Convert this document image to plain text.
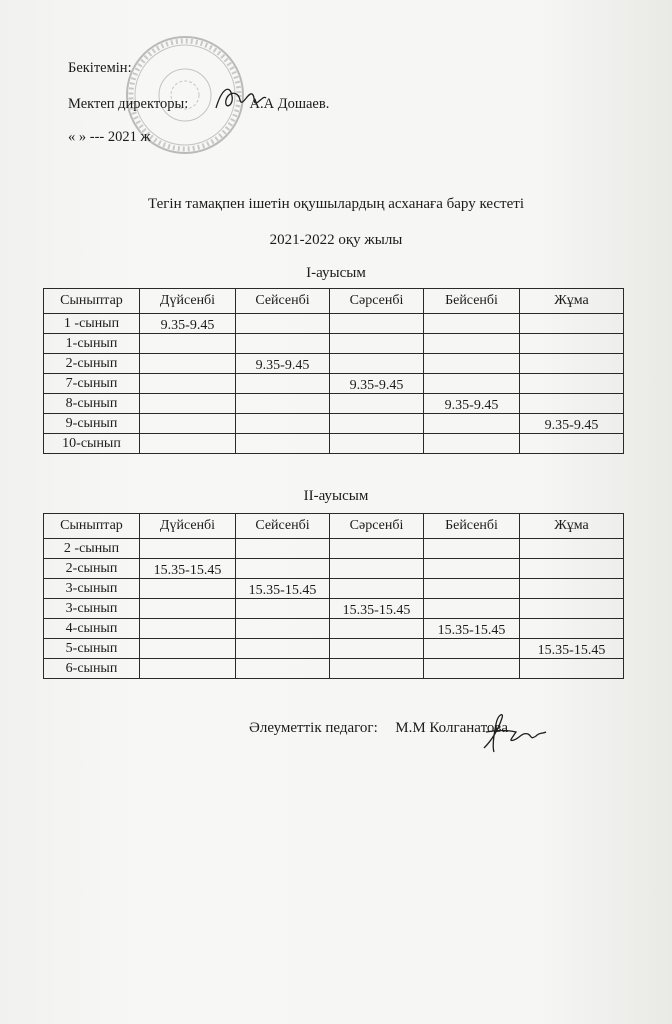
Бекітемін:
Мектеп директоры:	А.А Дошаев.
« » --- 2021 ж
Тегін тамақпен ішетін оқушылардың асханаға бару кестеті
2021-2022 оқу жылы
І-ауысым
Сыныптар	Дүйсенбі	Сейсенбі	Сәрсенбі	Бейсенбі	Жұма
1 -сынып	9.35-9.45				
1-сынып					
2-сынып		9.35-9.45			
7-сынып			9.35-9.45		
8-сынып				9.35-9.45	
9-сынып					9.35-9.45
10-сынып					
ІІ-ауысым
Сыныптар	Дүйсенбі	Сейсенбі	Сәрсенбі	Бейсенбі	Жұма
2 -сынып					
2-сынып	15.35-15.45				
3-сынып		15.35-15.45			
3-сынып			15.35-15.45		
4-сынып				15.35-15.45	
5-сынып					15.35-15.45
6-сынып					
Әлеуметтік педагог: М.М Колганатова
